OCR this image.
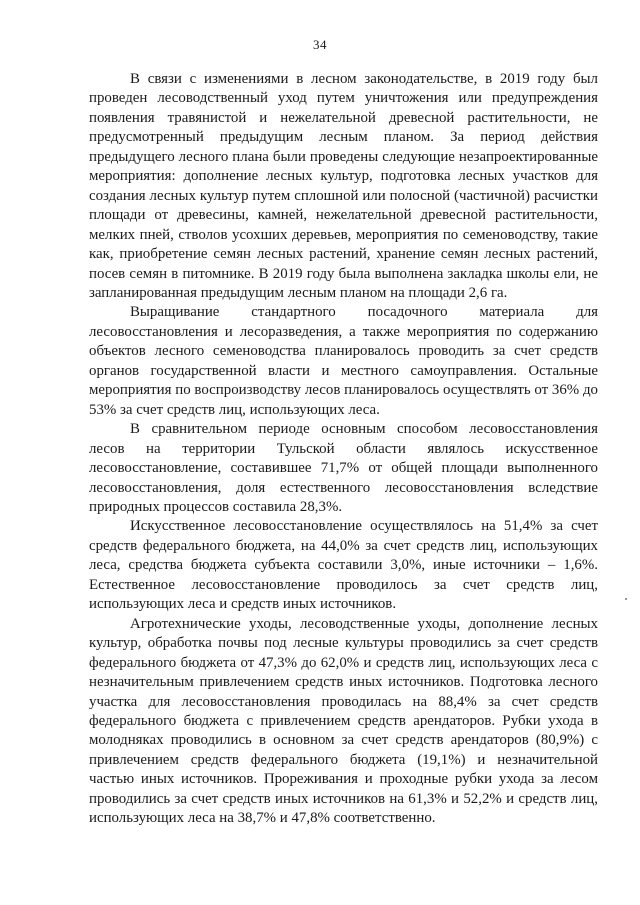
34

В связи с изменениями в лесном законодательстве, в 2019 году был проведен лесоводственный уход путем уничтожения или предупреждения появления травянистой и нежелательной древесной растительности, не предусмотренный предыдущим лесным планом. За период действия предыдущего лесного плана были проведены следующие незапроектированные мероприятия: дополнение лесных культур, подготовка лесных участков для создания лесных культур путем сплошной или полосной (частичной) расчистки площади от древесины, камней, нежелательной древесной растительности, мелких пней, стволов усохших деревьев, мероприятия по семеноводству, такие как, приобретение семян лесных растений, хранение семян лесных растений, посев семян в питомнике. В 2019 году была выполнена закладка школы ели, не запланированная предыдущим лесным планом на площади 2,6 га.

Выращивание стандартного посадочного материала для лесовосстановления и лесоразведения, а также мероприятия по содержанию объектов лесного семеноводства планировалось проводить за счет средств органов государственной власти и местного самоуправления. Остальные мероприятия по воспроизводству лесов планировалось осуществлять от 36% до 53% за счет средств лиц, использующих леса.

В сравнительном периоде основным способом лесовосстановления лесов на территории Тульской области являлось искусственное лесовосстановление, составившее 71,7% от общей площади выполненного лесовосстановления, доля естественного лесовосстановления вследствие природных процессов составила 28,3%.

Искусственное лесовосстановление осуществлялось на 51,4% за счет средств федерального бюджета, на 44,0% за счет средств лиц, использующих леса, средства бюджета субъекта составили 3,0%, иные источники – 1,6%. Естественное лесовосстановление проводилось за счет средств лиц, использующих леса и средств иных источников.

Агротехнические уходы, лесоводственные уходы, дополнение лесных культур, обработка почвы под лесные культуры проводились за счет средств федерального бюджета от 47,3% до 62,0% и средств лиц, использующих леса с незначительным привлечением средств иных источников. Подготовка лесного участка для лесовосстановления проводилась на 88,4% за счет средств федерального бюджета с привлечением средств арендаторов. Рубки ухода в молодняках проводились в основном за счет средств арендаторов (80,9%) с привлечением средств федерального бюджета (19,1%) и незначительной частью иных источников. Прореживания и проходные рубки ухода за лесом проводились за счет средств иных источников на 61,3% и 52,2% и средств лиц, использующих леса на 38,7% и 47,8% соответственно.
